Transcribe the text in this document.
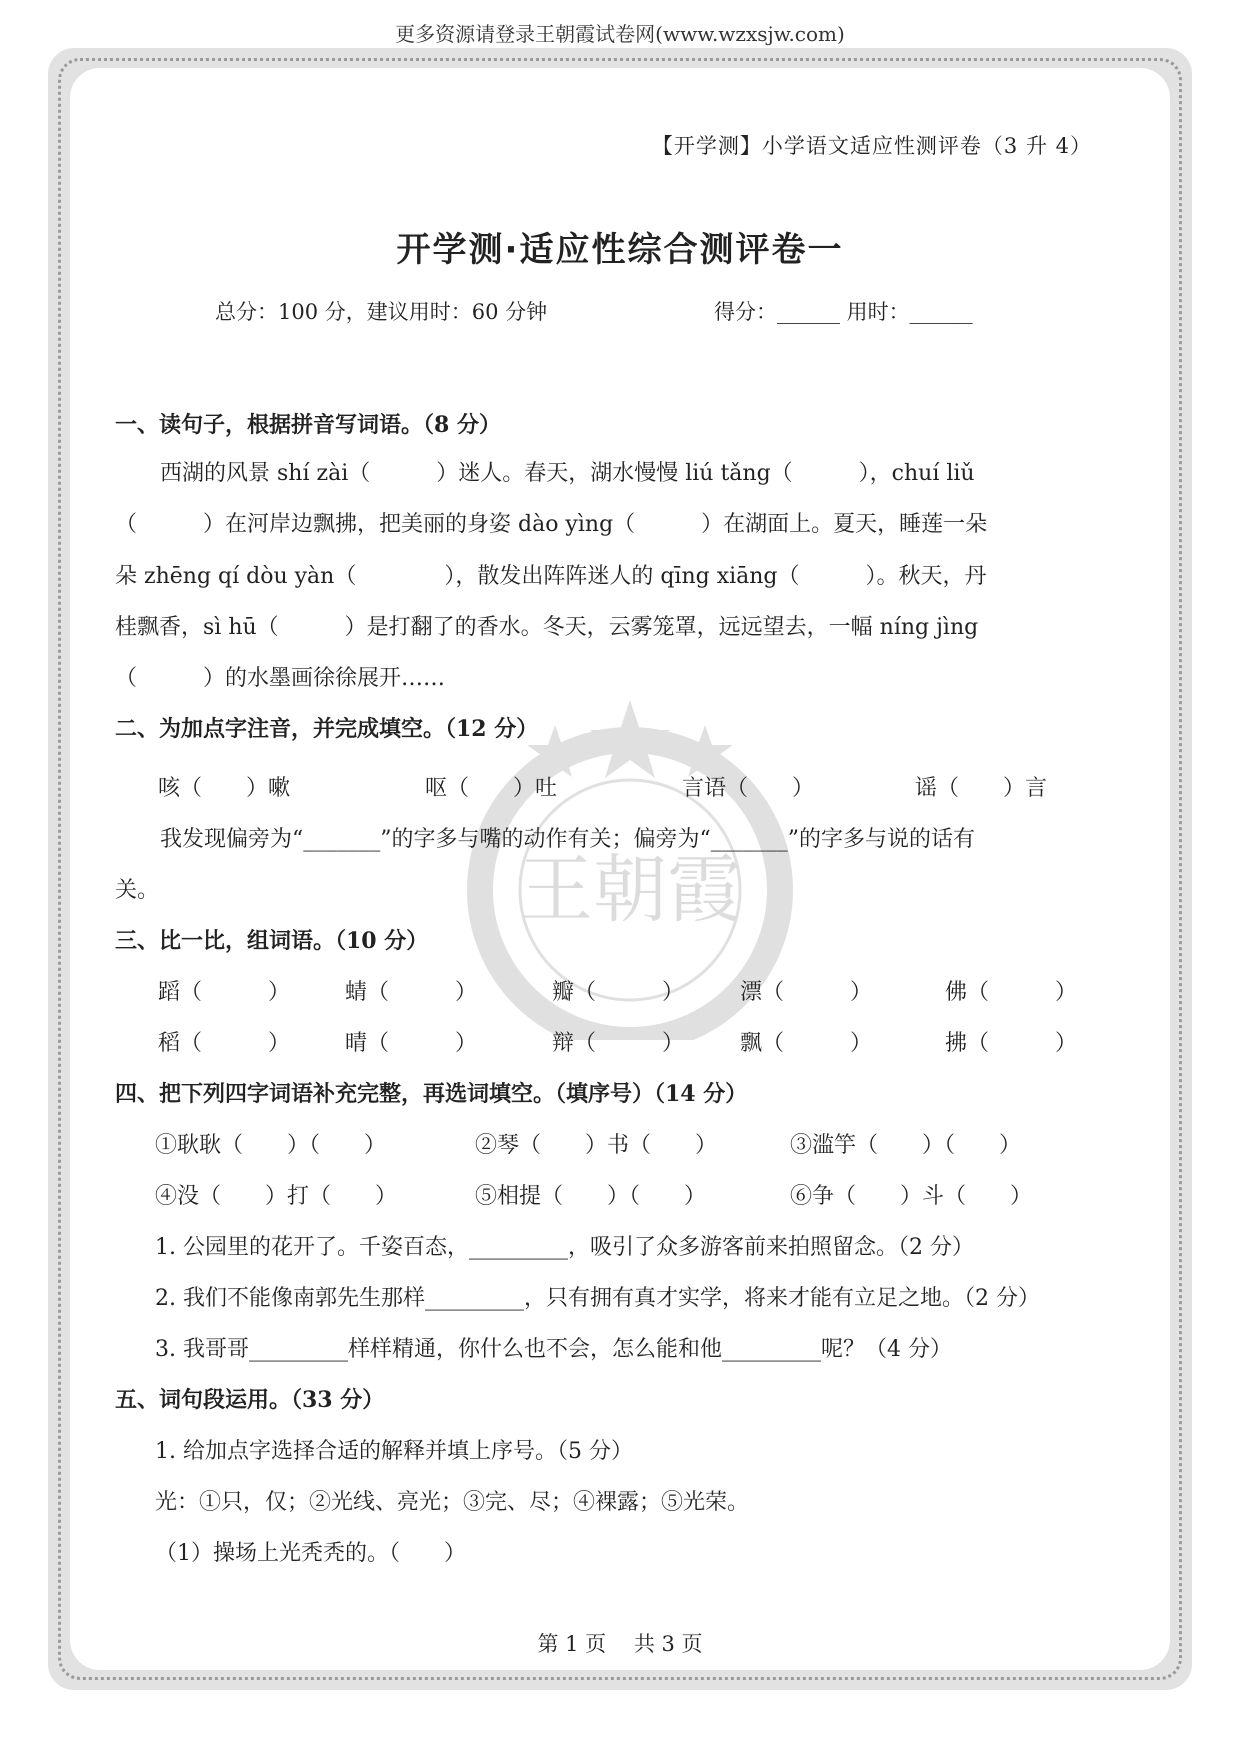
更多资源请登录王朝霞试卷网(www.wzxsjw.com)
王朝霞
【开学测】小学语文适应性测评卷（3 升 4）
开学测·适应性综合测评卷一
总分：100 分，建议用时：60 分钟	得分：______ 用时：______
一、读句子，根据拼音写词语。（8 分）
西湖的风景 shí zài（　　　）迷人。春天，湖水慢慢 liú tǎng（　　　），chuí liǔ
（　　　）在河岸边飘拂，把美丽的身姿 dào yìng（　　　）在湖面上。夏天，睡莲一朵
朵 zhēng qí dòu yàn（　　　　），散发出阵阵迷人的 qīng xiāng（　　　）。秋天，丹
桂飘香，sì hū（　　　）是打翻了的香水。冬天，云雾笼罩，远远望去，一幅 níng jìng
（　　　）的水墨画徐徐展开……
二、为加点字注音，并完成填空。（12 分）
咳（　　）嗽	呕（　　）吐	言语（　　）	谣（　　）言
我发现偏旁为“_______”的字多与嘴的动作有关；偏旁为“_______”的字多与说的话有
关。
三、比一比，组词语。（10 分）
蹈（　　　） 蜻（　　　）	瓣（　　　）	漂（　　　）	佛（　　　）
稻（　　　） 晴（　　　）	辩（　　　）	飘（　　　）	拂（　　　）
四、把下列四字词语补充完整，再选词填空。（填序号）（14 分）
①耿耿（　　）（　　）	②琴（　　）书（　　）	③滥竽（　　）（　　）
④没（　　）打（　　）	⑤相提（　　）（　　）	⑥争（　　）斗（　　）
1. 公园里的花开了。千姿百态，_________，吸引了众多游客前来拍照留念。（2 分）
2. 我们不能像南郭先生那样_________，只有拥有真才实学，将来才能有立足之地。（2 分）
3. 我哥哥_________样样精通，你什么也不会，怎么能和他_________呢？（4 分）
五、词句段运用。（33 分）
1. 给加点字选择合适的解释并填上序号。（5 分）
光：①只，仅；②光线、亮光；③完、尽；④裸露；⑤光荣。
（1）操场上光秃秃的。（　　）
第 1 页　 共 3 页
